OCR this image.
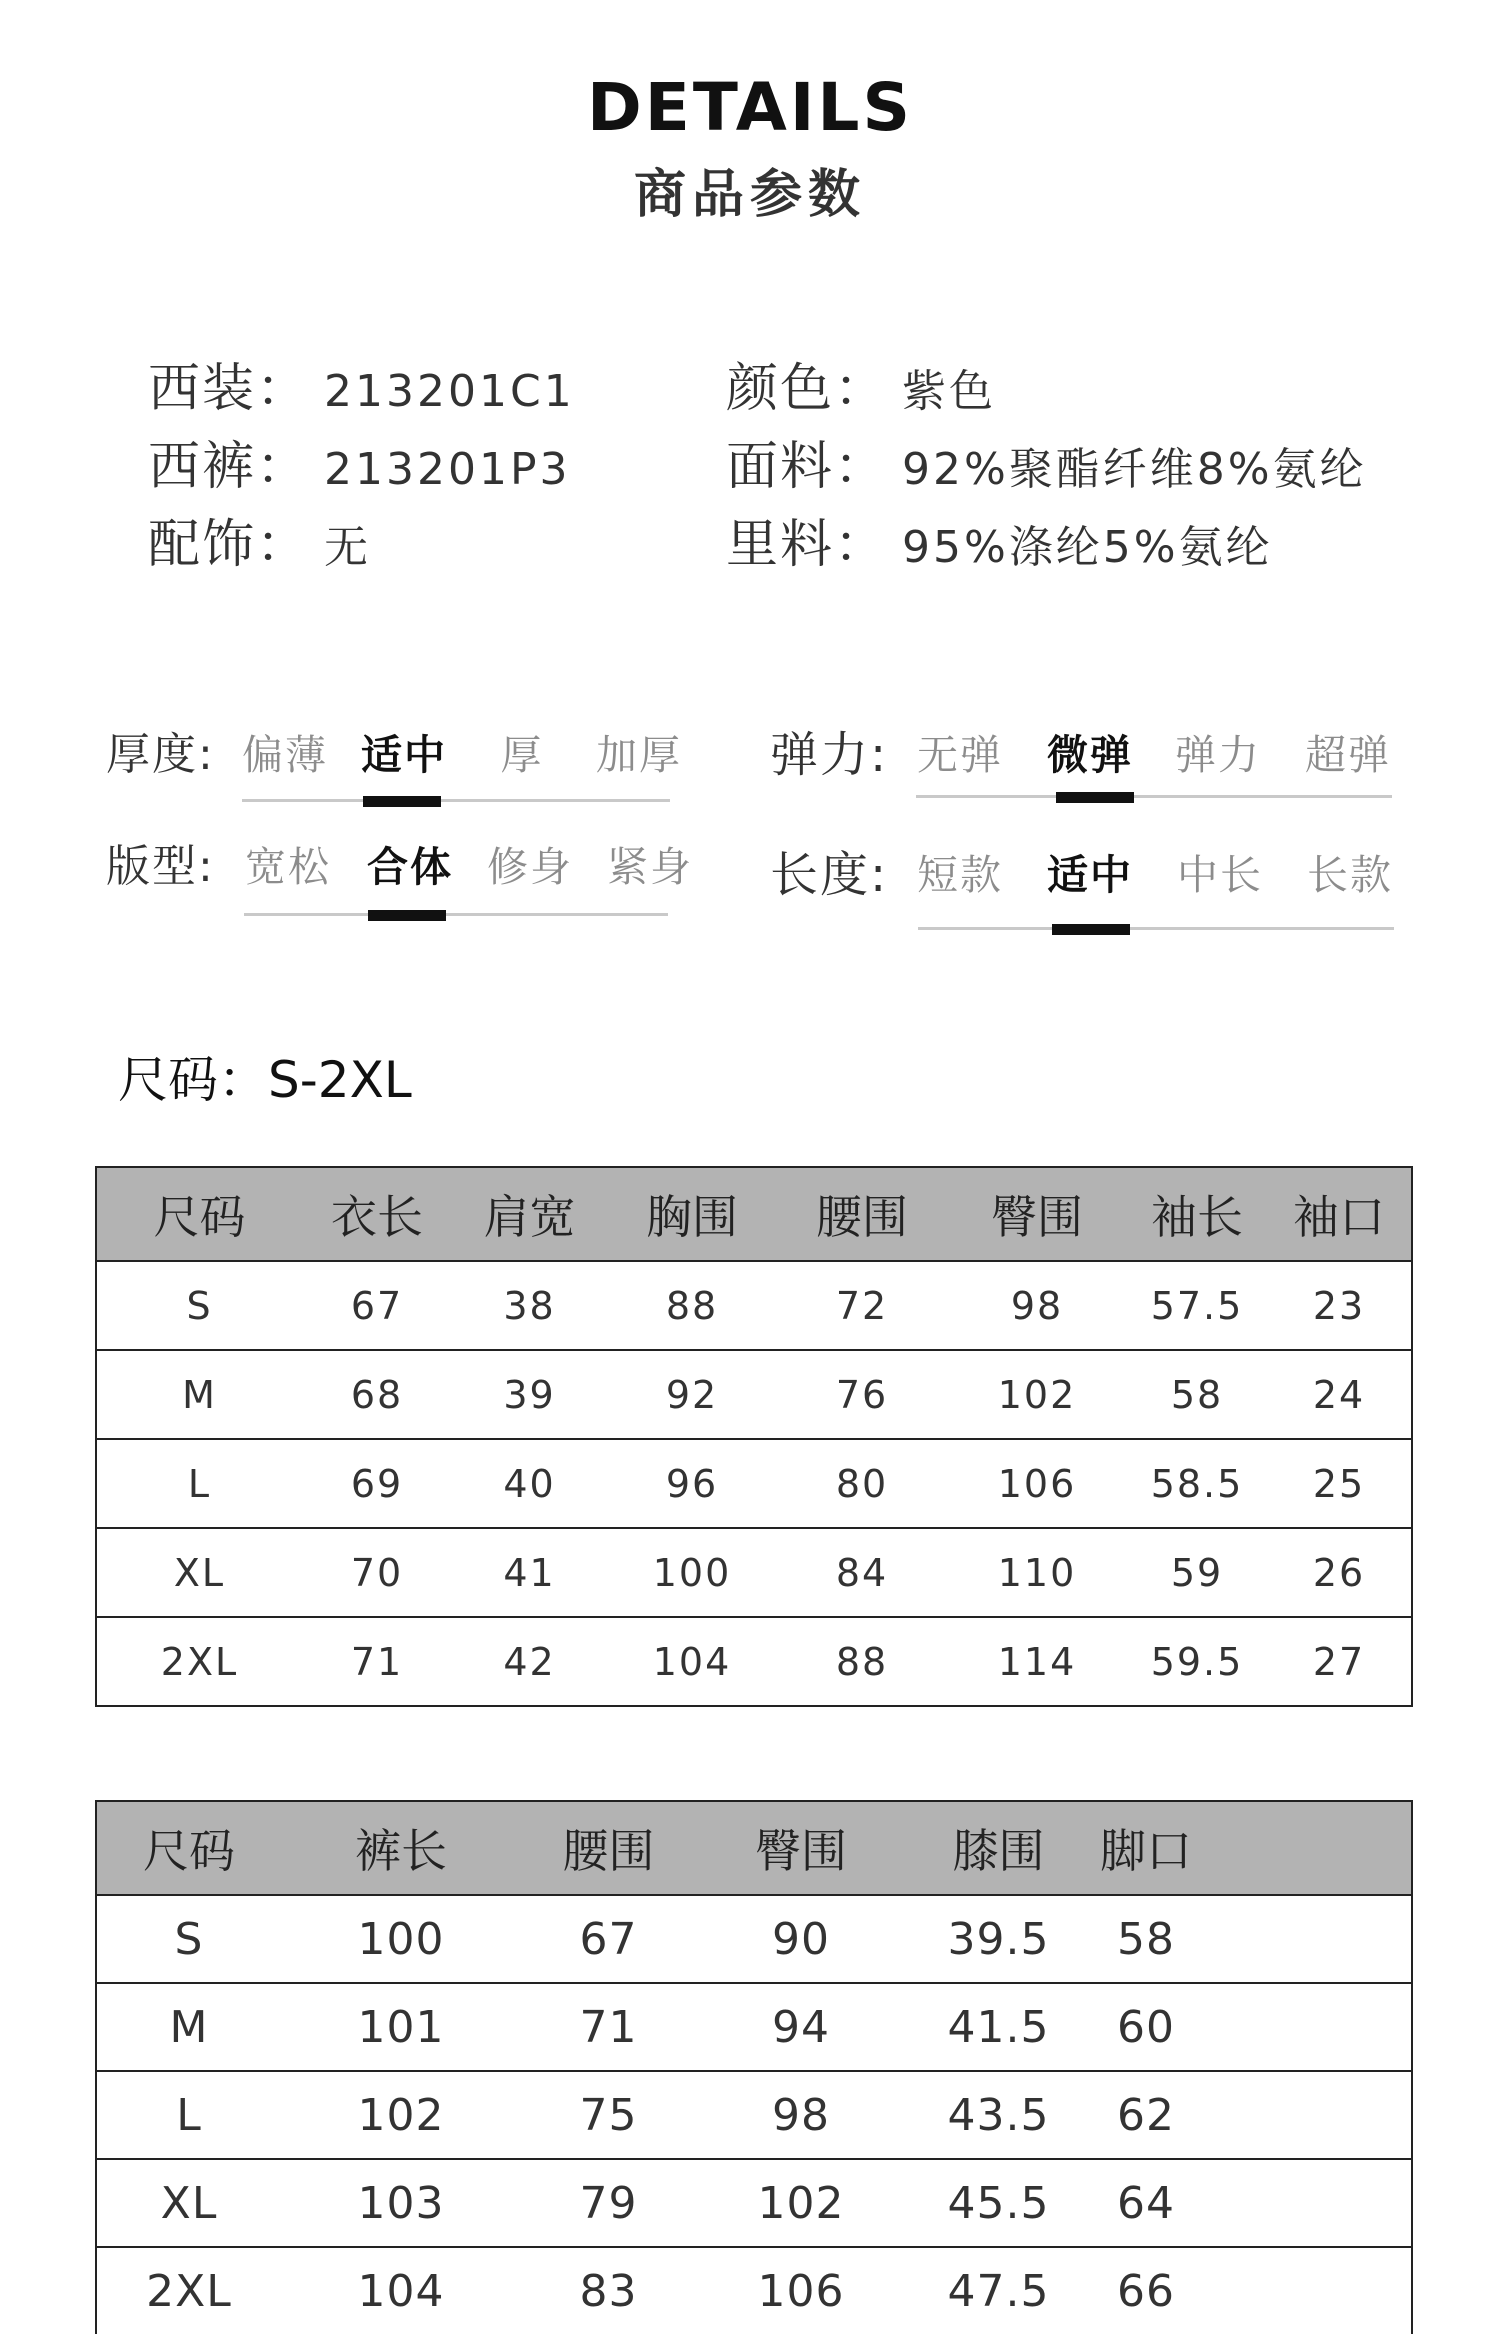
DETAILS
商品参数
西装： 213201C1
西裤： 213201P3
配饰： 无
颜色： 紫色
面料： 92%聚酯纤维8%氨纶
里料： 95%涤纶5%氨纶
厚度: 偏薄 适中	厚	加厚
版型: 宽松 合体 修身 紧身
弹力: 无弹 微弹 弹力 超弹
长度: 短款 适中 中长 长款
尺码：S-2XL
尺码	衣长	肩宽	胸围	腰围	臀围	袖长	袖口
S	67	38	88	72	98	57.5	23
M	68	39	92	76	102	58	24
L	69	40	96	80	106	58.5	25
XL	70	41	100	84	110	59	26
2XL	71	42	104	88	114	59.5	27
尺码	裤长	腰围	臀围	膝围	脚口	
S	100	67	90	39.5	58	
M	101	71	94	41.5	60	
L	102	75	98	43.5	62	
XL	103	79	102	45.5	64	
2XL	104	83	106	47.5	66	
